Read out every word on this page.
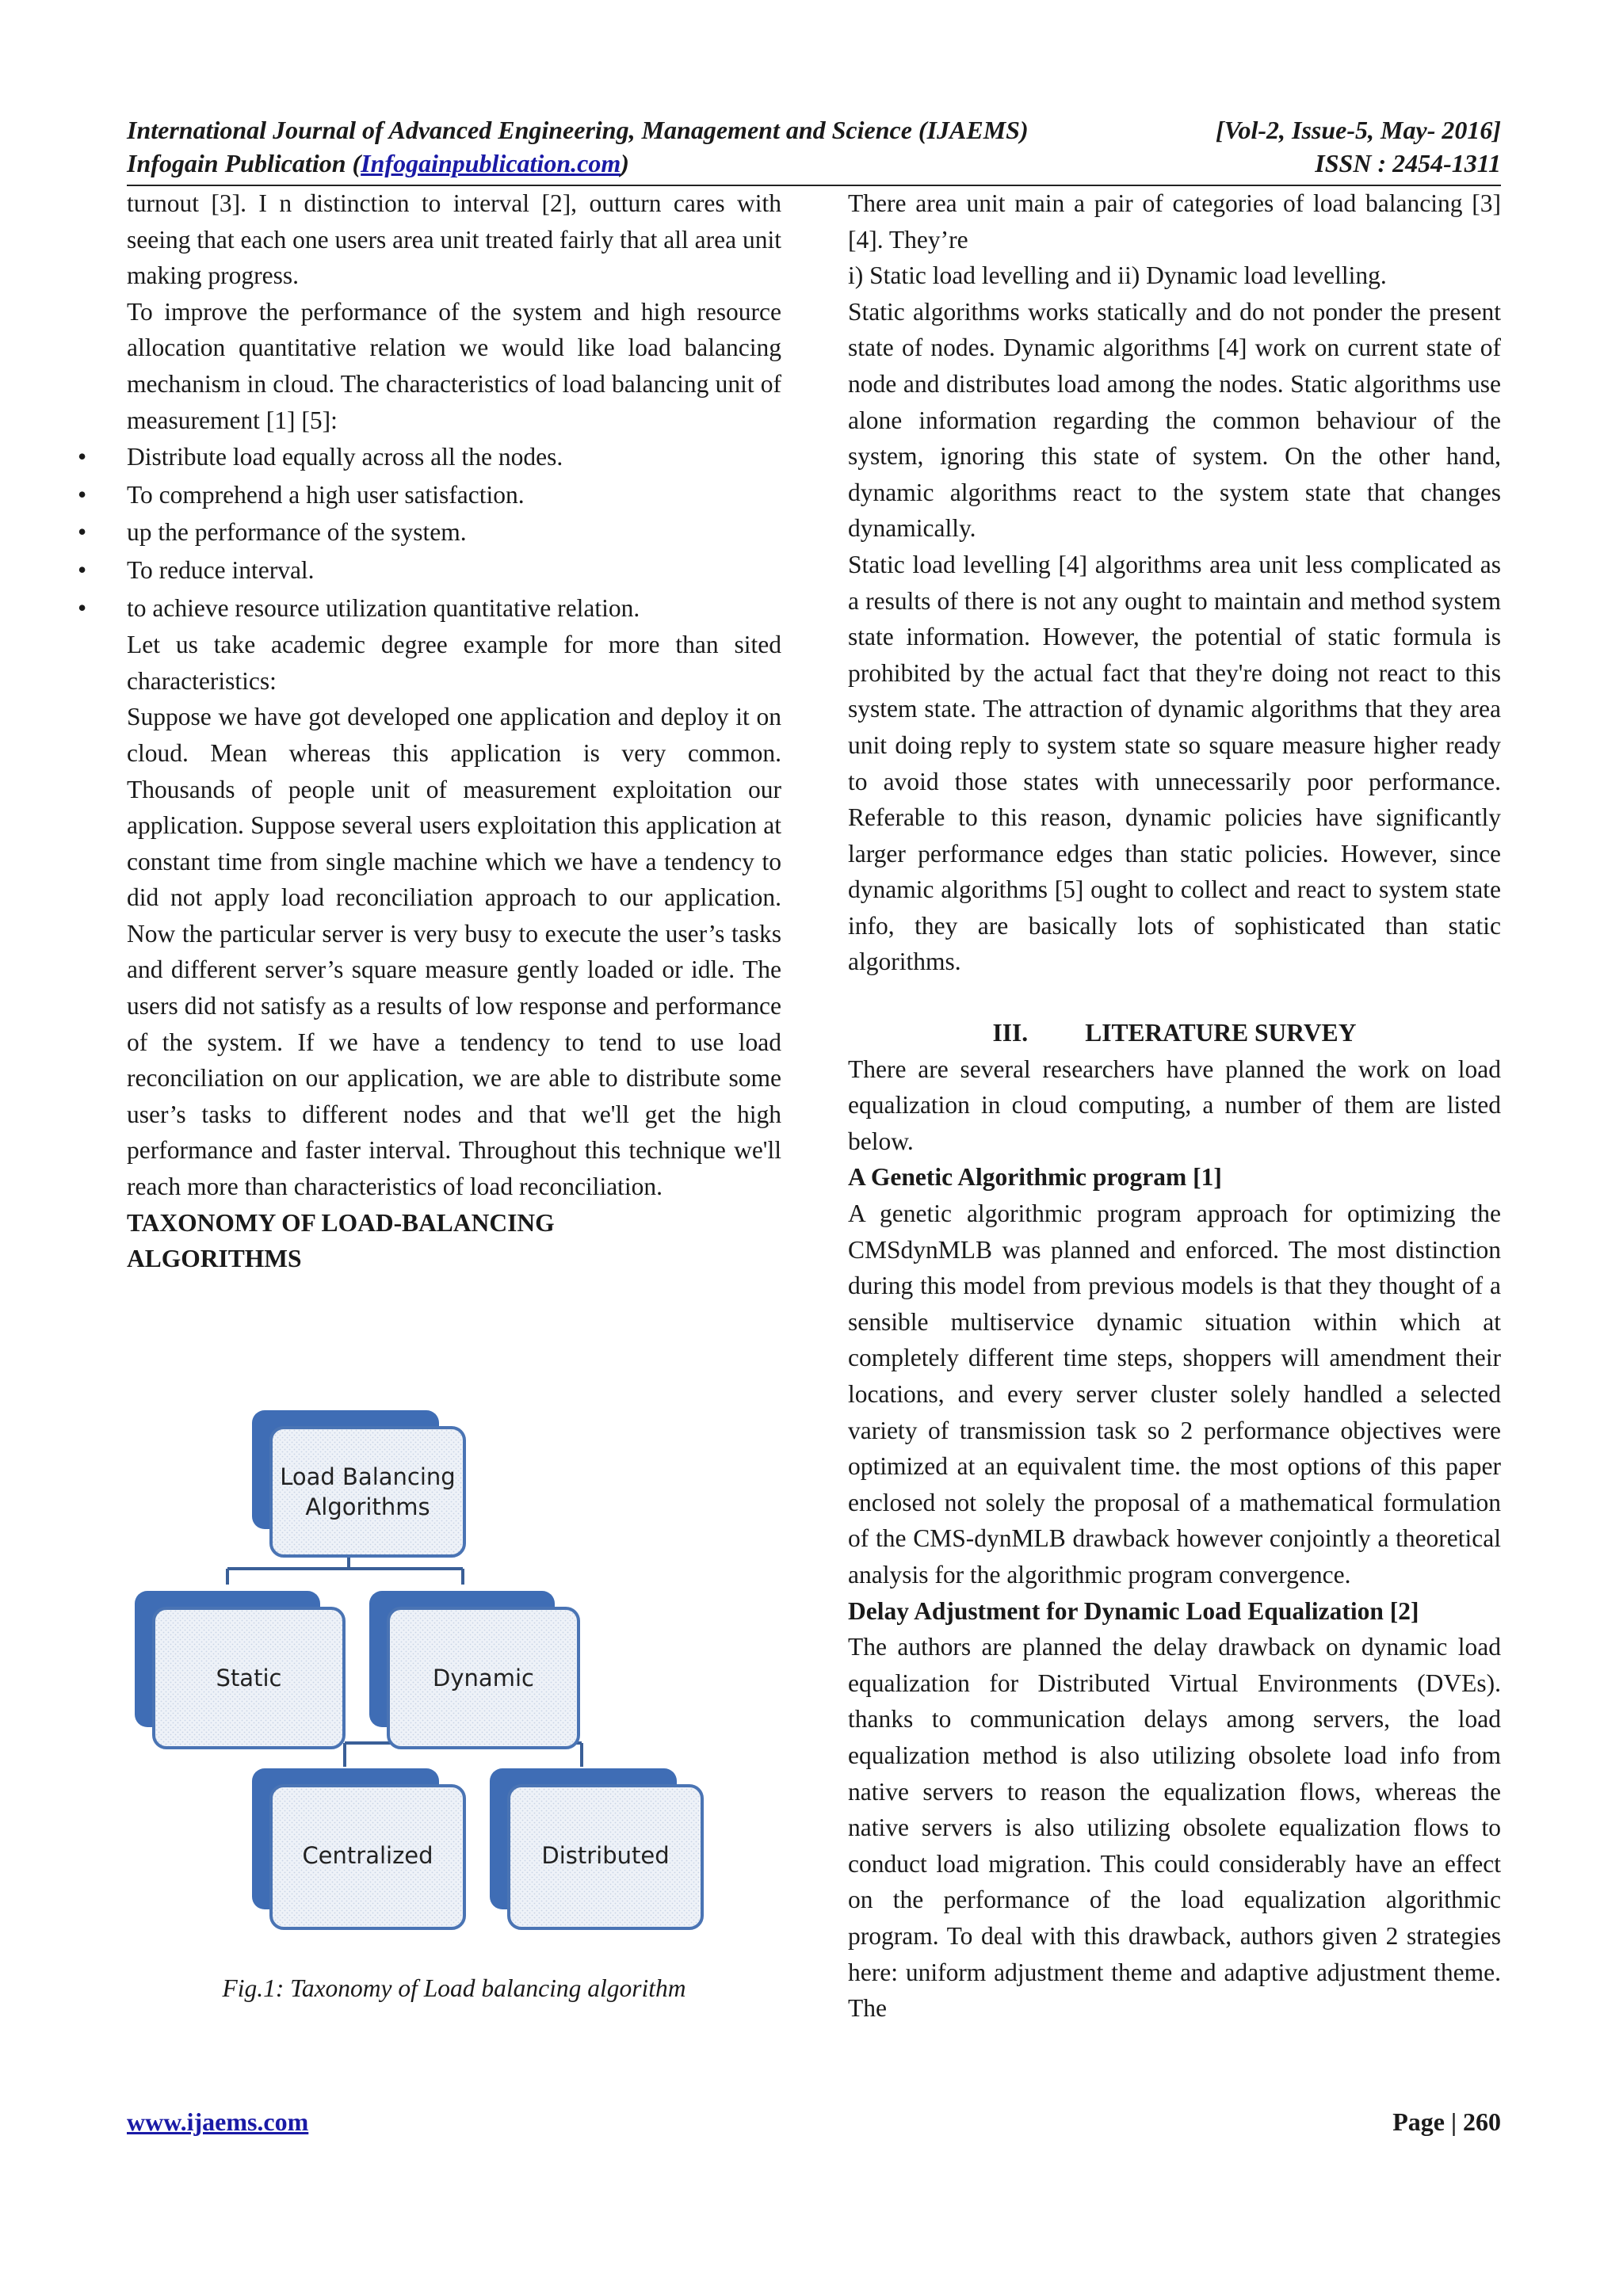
International Journal of Advanced Engineering, Management and Science (IJAEMS)	[Vol-2, Issue-5, May- 2016]
Infogain Publication (Infogainpublication.com)	ISSN : 2454-1311

turnout [3]. I n distinction to interval [2], outturn cares with seeing that each one users area unit treated fairly that all area unit making progress.

To improve the performance of the system and high resource allocation quantitative relation we would like load balancing mechanism in cloud. The characteristics of load balancing unit of measurement [1] [5]:

• Distribute load equally across all the nodes.
• To comprehend a high user satisfaction.
• up the performance of the system.
• To reduce interval.
• to achieve resource utilization quantitative relation.

Let us take academic degree example for more than sited characteristics:

Suppose we have got developed one application and deploy it on cloud. Mean whereas this application is very common. Thousands of people unit of measurement exploitation our application. Suppose several users exploitation this application at constant time from single machine which we have a tendency to did not apply load reconciliation approach to our application. Now the particular server is very busy to execute the user’s tasks and different server’s square measure gently loaded or idle. The users did not satisfy as a results of low response and performance of the system. If we have a tendency to tend to use load reconciliation on our application, we are able to distribute some user’s tasks to different nodes and that we'll get the high performance and faster interval. Throughout this technique we'll reach more than characteristics of load reconciliation.

TAXONOMY OF LOAD-BALANCING

ALGORITHMS

Load Balancing
Algorithms
Static	Dynamic
Centralized	Distributed
Fig.1: Taxonomy of Load balancing algorithm

There area unit main a pair of categories of load balancing [3] [4]. They’re

i) Static load levelling and ii) Dynamic load levelling.

Static algorithms works statically and do not ponder the present state of nodes. Dynamic algorithms [4] work on current state of node and distributes load among the nodes. Static algorithms use alone information regarding the common behaviour of the system, ignoring this state of system. On the other hand, dynamic algorithms react to the system state that changes dynamically.

Static load levelling [4] algorithms area unit less complicated as a results of there is not any ought to maintain and method system state information. However, the potential of static formula is prohibited by the actual fact that they're doing not react to this system state. The attraction of dynamic algorithms that they area unit doing reply to system state so square measure higher ready to avoid those states with unnecessarily poor performance. Referable to this reason, dynamic policies have significantly larger performance edges than static policies. However, since dynamic algorithms [5] ought to collect and react to system state info, they are basically lots of sophisticated than static algorithms.

III. LITERATURE SURVEY

There are several researchers have planned the work on load equalization in cloud computing, a number of them are listed below.

A Genetic Algorithmic program [1]

A genetic algorithmic program approach for optimizing the CMSdynMLB was planned and enforced. The most distinction during this model from previous models is that they thought of a sensible multiservice dynamic situation within which at completely different time steps, shoppers will amendment their locations, and every server cluster solely handled a selected variety of transmission task so 2 performance objectives were optimized at an equivalent time. the most options of this paper enclosed not solely the proposal of a mathematical formulation of the CMS-dynMLB drawback however conjointly a theoretical analysis for the algorithmic program convergence.

Delay Adjustment for Dynamic Load Equalization [2]

The authors are planned the delay drawback on dynamic load equalization for Distributed Virtual Environments (DVEs). thanks to communication delays among servers, the load equalization method is also utilizing obsolete load info from native servers to reason the equalization flows, whereas the native servers is also utilizing obsolete equalization flows to conduct load migration. This could considerably have an effect on the performance of the load equalization algorithmic program. To deal with this drawback, authors given 2 strategies here: uniform adjustment theme and adaptive adjustment theme. The

www.ijaems.com	Page | 260
